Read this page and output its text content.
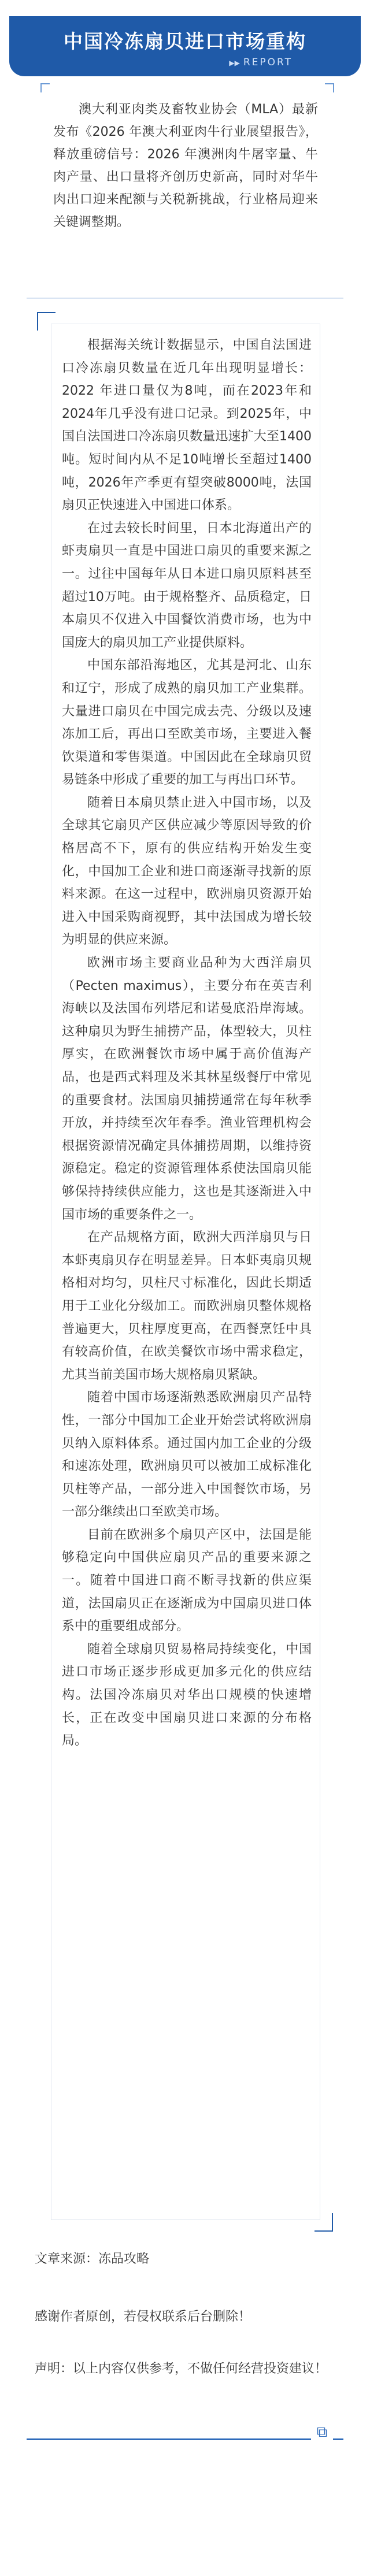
中国冷冻扇贝进口市场重构
▶▶ REPORT
澳大利亚肉类及畜牧业协会（MLA）最新发布《2026 年澳大利亚肉牛行业展望报告》，释放重磅信号：2026 年澳洲肉牛屠宰量、牛肉产量、出口量将齐创历史新高，同时对华牛肉出口迎来配额与关税新挑战，行业格局迎来关键调整期。

根据海关统计数据显示，中国自法国进口冷冻扇贝数量在近几年出现明显增长：2022 年进口量仅为8吨，而在2023年和2024年几乎没有进口记录。到2025年，中国自法国进口冷冻扇贝数量迅速扩大至1400吨。短时间内从不足10吨增长至超过1400吨，2026年产季更有望突破8000吨，法国扇贝正快速进入中国进口体系。

在过去较长时间里，日本北海道出产的虾夷扇贝一直是中国进口扇贝的重要来源之一。过往中国每年从日本进口扇贝原料甚至超过10万吨。由于规格整齐、品质稳定，日本扇贝不仅进入中国餐饮消费市场，也为中国庞大的扇贝加工产业提供原料。

中国东部沿海地区，尤其是河北、山东和辽宁，形成了成熟的扇贝加工产业集群。大量进口扇贝在中国完成去壳、分级以及速冻加工后，再出口至欧美市场，主要进入餐饮渠道和零售渠道。中国因此在全球扇贝贸易链条中形成了重要的加工与再出口环节。

随着日本扇贝禁止进入中国市场，以及全球其它扇贝产区供应减少等原因导致的价格居高不下，原有的供应结构开始发生变化，中国加工企业和进口商逐渐寻找新的原料来源。在这一过程中，欧洲扇贝资源开始进入中国采购商视野，其中法国成为增长较为明显的供应来源。

欧洲市场主要商业品种为大西洋扇贝（Pecten maximus），主要分布在英吉利海峡以及法国布列塔尼和诺曼底沿岸海域。这种扇贝为野生捕捞产品，体型较大，贝柱厚实，在欧洲餐饮市场中属于高价值海产品，也是西式料理及米其林星级餐厅中常见的重要食材。法国扇贝捕捞通常在每年秋季开放，并持续至次年春季。渔业管理机构会根据资源情况确定具体捕捞周期，以维持资源稳定。稳定的资源管理体系使法国扇贝能够保持持续供应能力，这也是其逐渐进入中国市场的重要条件之一。

在产品规格方面，欧洲大西洋扇贝与日本虾夷扇贝存在明显差异。日本虾夷扇贝规格相对均匀，贝柱尺寸标准化，因此长期适用于工业化分级加工。而欧洲扇贝整体规格普遍更大，贝柱厚度更高，在西餐烹饪中具有较高价值，在欧美餐饮市场中需求稳定，尤其当前美国市场大规格扇贝紧缺。

随着中国市场逐渐熟悉欧洲扇贝产品特性，一部分中国加工企业开始尝试将欧洲扇贝纳入原料体系。通过国内加工企业的分级和速冻处理，欧洲扇贝可以被加工成标准化贝柱等产品，一部分进入中国餐饮市场，另一部分继续出口至欧美市场。

目前在欧洲多个扇贝产区中，法国是能够稳定向中国供应扇贝产品的重要来源之一。随着中国进口商不断寻找新的供应渠道，法国扇贝正在逐渐成为中国扇贝进口体系中的重要组成部分。

随着全球扇贝贸易格局持续变化，中国进口市场正逐步形成更加多元化的供应结构。法国冷冻扇贝对华出口规模的快速增长，正在改变中国扇贝进口来源的分布格局。

文章来源：冻品攻略
感谢作者原创，若侵权联系后台删除！
声明：以上内容仅供参考，不做任何经营投资建议！
⧉
